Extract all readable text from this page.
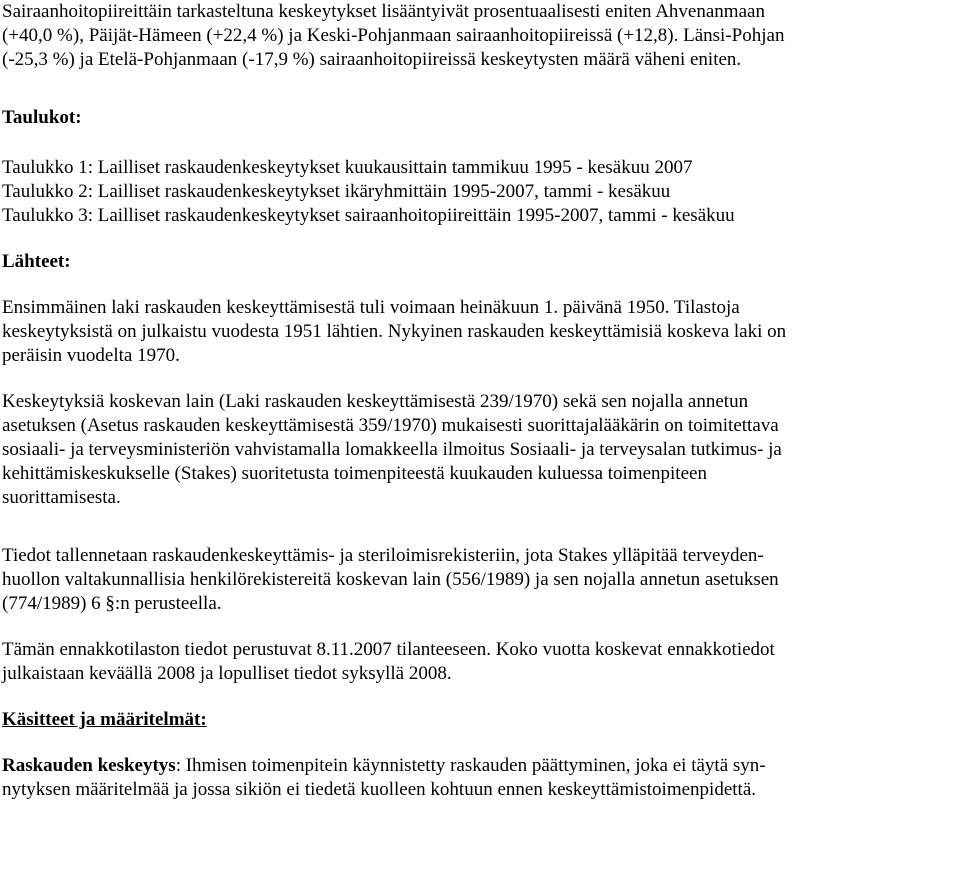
Sairaanhoitopiireittäin tarkasteltuna keskeytykset lisääntyivät prosentuaalisesti eniten Ahvenanmaan
(+40,0 %), Päijät-Hämeen (+22,4 %) ja Keski-Pohjanmaan sairaanhoitopiireissä (+12,8). Länsi-Pohjan
(-25,3 %) ja Etelä-Pohjanmaan (-17,9 %) sairaanhoitopiireissä keskeytysten määrä väheni eniten.
Taulukot:
Taulukko 1: Lailliset raskaudenkeskeytykset kuukausittain tammikuu 1995 - kesäkuu 2007
Taulukko 2: Lailliset raskaudenkeskeytykset ikäryhmittäin 1995-2007, tammi - kesäkuu
Taulukko 3: Lailliset raskaudenkeskeytykset sairaanhoitopiireittäin 1995-2007, tammi - kesäkuu
Lähteet:
Ensimmäinen laki raskauden keskeyttämisestä tuli voimaan heinäkuun 1. päivänä 1950. Tilastoja
keskeytyksistä on julkaistu vuodesta 1951 lähtien. Nykyinen raskauden keskeyttämisiä koskeva laki on
peräisin vuodelta 1970.
Keskeytyksiä koskevan lain (Laki raskauden keskeyttämisestä 239/1970) sekä sen nojalla annetun
asetuksen (Asetus raskauden keskeyttämisestä 359/1970) mukaisesti suorittajalääkärin on toimitettava
sosiaali- ja terveysministeriön vahvistamalla lomakkeella ilmoitus Sosiaali- ja terveysalan tutkimus- ja
kehittämiskeskukselle (Stakes) suoritetusta toimenpiteestä kuukauden kuluessa toimenpiteen
suorittamisesta.
Tiedot tallennetaan raskaudenkeskeyttämis- ja steriloimisrekisteriin, jota Stakes ylläpitää terveyden-
huollon valtakunnallisia henkilörekistereitä koskevan lain (556/1989) ja sen nojalla annetun asetuksen
(774/1989) 6 §:n perusteella.
Tämän ennakkotilaston tiedot perustuvat 8.11.2007 tilanteeseen. Koko vuotta koskevat ennakkotiedot
julkaistaan keväällä 2008 ja lopulliset tiedot syksyllä 2008.
Käsitteet ja määritelmät:
Raskauden keskeytys: Ihmisen toimenpitein käynnistetty raskauden päättyminen, joka ei täytä syn-
nytyksen määritelmää ja jossa sikiön ei tiedetä kuolleen kohtuun ennen keskeyttämistoimenpidettä.
